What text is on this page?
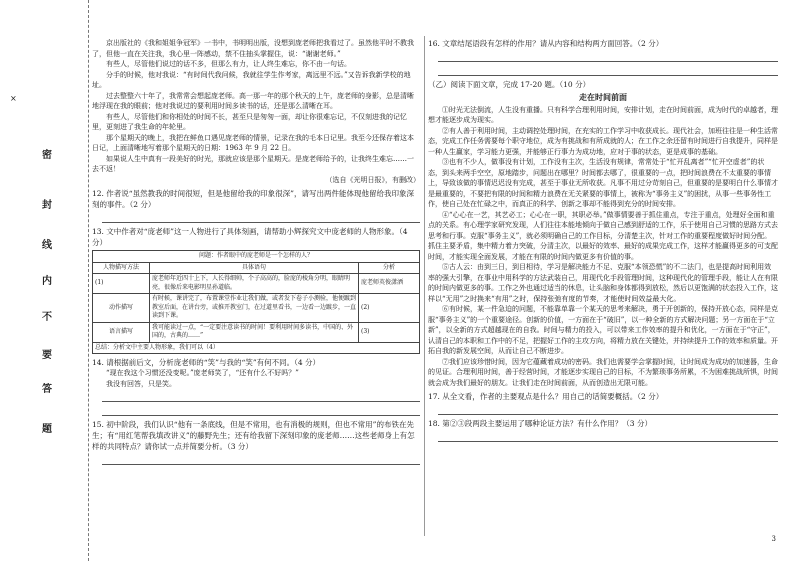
×
密
封
线
内
不
要
答
题

京出版社的《我和姐姐争冠军》一书中，书明明出版，没想到庞老师把我看过了。虽然他平时不教我了，但他一直在关注我，我心里一阵感动，禁不住抽头掌握住，说：“谢谢老师。”

有些人，尽管他们说过的话不多，但那么有力，让人终生难忘，你不由一句话。

分手的时候，他对我说：“有时间代我问候，我就往学生作考家，离远里不远。”又告诉我新学校的地址。

过去整整六十年了，我常常会想起庞老师。高一那一年的那个秋天的上午，庞老师的身影，总是清晰地浮现在我的眼前；他对我说过的要利用时间多读书的话，还是那么清晰在耳。

有些人，尽管他们和你相处的时间不长，甚至只是匆匆一面，却让你很难忘记，不仅刻进我的记忆里，更刻进了我生命的年轮里。

那个星期天的晚上，我把在鲜鱼口遇见庞老师的情景，记录在我的毛本日记里。我至今还保存着这本日记，上面清晰地写着那个星期天的日期：1963 年 9 月 22 日。

如果说人生中真有一段美好的时光，那就应该是那个星期天。是庞老师给予的，让我终生难忘……一去不返！

（选自《光明日报》，有删改）

12. 作者说“虽然教我的时间很短，但是他留给我的印象很深”，请写出两件能体现他留给我印象深刻的事件。（2 分）

13. 文中作者对“庞老师”这一人物进行了具体刻画，请帮助小辉探究文中庞老师的人物形象。（4 分）

问题：作者眼中的庞老师是一个怎样的人？		
人物描写方法	具体语句	分析
(1)	庞老师年近四十上下，人长得细帅，个子高高的，脸庞的棱角分明，眼睛明亮，很像后来电影明星孙道临。	庞老师英俊潇洒
动作描写	有时候，课讲完了，布置课堂作业让我们做，或者发下卷子小测验，他便踱到教室后面，在讲台旁，或推开教室门，在过道里看书，一边看一边踱步，一直读到下课。	(2)
语言描写	我可能读过一点，“一定要注意读书的时间！要利用时间多读书，中国的、外国的，古典的……”	(3)
总结：分析文中主要人物形象，我们可以（4）		

14. 请根据前后文，分析庞老师的“笑”与我的“笑”有何不同。（4 分）

“现在我这个习惯还没变呢。”庞老师笑了，“还有什么不好吗？”

我没有回答，只是笑。

15. 初中阶段，我们认识“他有一条底线，但是不常用，也有消极的规则，但也不常用”的布铁在先生；有“用红笔帮我填改讲义”的藤野先生；还有给我留下深刻印象的庞老师……这些老师身上有怎样的共同特点？请你试一点并简要分析。（3 分）

16. 文章结尾语段有怎样的作用？请从内容和结构两方面回答。（2 分）

（乙）阅读下面文章，完成 17-20 题。（10 分）

走在时间前面

①时光无法倒流，人生没有重播。只有科学合理利用时间，安排计划，走在时间前面，成为时代的卓越者，理想才能逐步成为现实。

②有人善于利用时间，主动调控处理时间，在充实的工作学习中收获成长。现代社会，加班往往是一种生活常态，完成工作任务需要每个职守地位，成为有挑战和有所成就的人；在工作之余还留有时间进行自我提升，同样是一种人生赢家，学习能力更强，并能够正行事力为成功地，应对于事的状态，更是成事的基础。

③也有不少人，做事没有计划，工作没有主次，生活没有规律，常常处于“忙开乱离者”“忙开空虚者”的状态，到头来两手空空，原地踏步，问题出在哪里？时间都去哪了，很重要的一点，把时间浪费在不太重要的事情上，导致该做的事情迟迟没有完成，甚至于事业无所收获。凡事不用过分苛刻自己，但重要的是要明白什么事情才是最重要的，不要把有限的时间和精力浪费在无关紧要的事情上，被称为“事务主义”的困扰，从事一些事务性工作，使自己处在忙碌之中，而真正的科学、创新之事却不能得到充分的时间安排。

④“心心在一艺，其艺必工；心心在一职，其职必举。”做事情要善于抓住重点，专注于重点，处理好全面和重点的关系。有心理学家研究发现，人们往往本能地倾向于做自己感到舒适的工作，乐于使用自己习惯的思路方式去思考和行事。克服“事务主义”，就必须明确自己的工作目标，分清楚主次，针对工作的重要程度做好时间分配。抓住主要矛盾，集中精力着力突破，分清主次，以最好的效率、最好的成果完成工作，这样才能赢得更多的可支配时间，才能实现全面发展，才能在有限的时间内做更多有价值的事。

⑤古人云：由到三日，到目相待，学习是解决能力不足、克服“本领恐慌”的不二法门，也是提高时间利用效率的强大引擎，在事业中用科学的方法武装自己，用现代化手段管理时间，这种现代化的管理手段，能让人在有限的时间内做更多的事。工作之外也通过适当的休息，让头脑和身体都得到放松，然后以更饱满的状态投入工作，这样以“无用”之时换来“有用”之时，保持张弛有度的节奏，才能使时间效益最大化。

⑥有时候，某一件急迫的问题，不能靠单靠一个某天的思考来解决，勇于开创新的，保持开放心态，同样是克服“事务主义”的一个重要途径。创新的价值，一方面在于“破旧”，以一种全新的方式解决问题；另一方面在于“立新”，以全新的方式超越现在的自我。时间与精力的投入，可以带来工作效率的提升和优化，一方面在于“守正”，认清自己的本职和工作中的不足，把握好工作的主攻方向，将精力放在关键处，并持续提升工作的效率和质量。开拓自我的新发展空间，从而让自己不断进步。

⑦我们应该珍惜时间，因为它蕴藏着成功的密码。我们也需要学会掌握时间，让时间成为成功的加速器，生命的见证。合理利用时间，善于经营时间，才能逐步实现自己的目标，不为繁琐事务所累，不为困难挑战所惧，时间就会成为我们最好的朋友。让我们走在时间前面，从而创造出无限可能。

17. 从全文看，作者的主要观点是什么？用自己的话简要概括。（2 分）

18. 第②③段两段主要运用了哪种论证方法？有什么作用？（3 分）

3
